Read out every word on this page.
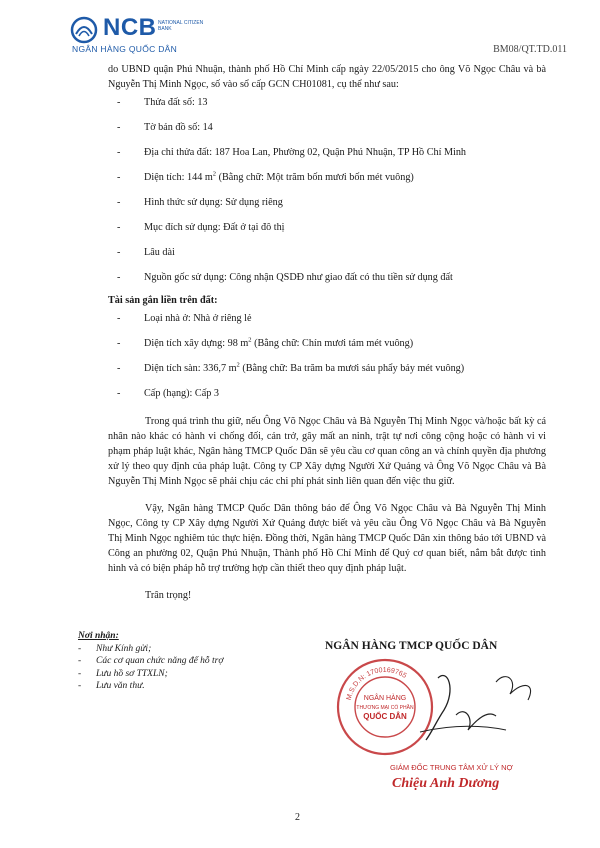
NCB NATIONAL CITIZEN BANK
NGÂN HÀNG QUỐC DÂN	BM08/QT.TD.011

do UBND quận Phú Nhuận, thành phố Hồ Chí Minh cấp ngày 22/05/2015 cho ông Võ Ngọc Châu và bà Nguyễn Thị Minh Ngọc, số vào sổ cấp GCN CH01081, cụ thể như sau:

- Thửa đất số: 13
- Tờ bản đồ số: 14
- Địa chỉ thửa đất: 187 Hoa Lan, Phường 02, Quận Phú Nhuận, TP Hồ Chí Minh
- Diện tích: 144 $m^2$ (Bằng chữ: Một trăm bốn mươi bốn mét vuông)
- Hình thức sử dụng: Sử dụng riêng
- Mục đích sử dụng: Đất ở tại đô thị
- Lâu dài
- Nguồn gốc sử dụng: Công nhận QSDĐ như giao đất có thu tiền sử dụng đất
Tài sản gắn liền trên đất:
- Loại nhà ở: Nhà ở riêng lẻ
- Diện tích xây dựng: 98 $m^2$ (Bằng chữ: Chín mươi tám mét vuông)
- Diện tích sàn: 336,7 $m^2$ (Bằng chữ: Ba trăm ba mươi sáu phẩy bảy mét vuông)
- Cấp (hạng): Cấp 3

Trong quá trình thu giữ, nếu Ông Võ Ngọc Châu và Bà Nguyễn Thị Minh Ngọc và/hoặc bất kỳ cá nhân nào khác có hành vi chống đối, cản trở, gây mất an ninh, trật tự nơi công cộng hoặc có hành vi vi phạm pháp luật khác, Ngân hàng TMCP Quốc Dân sẽ yêu cầu cơ quan công an và chính quyền địa phương xử lý theo quy định của pháp luật. Công ty CP Xây dựng Người Xứ Quảng và Ông Võ Ngọc Châu và Bà Nguyễn Thị Minh Ngọc sẽ phải chịu các chi phí phát sinh liên quan đến việc thu giữ.

Vậy, Ngân hàng TMCP Quốc Dân thông báo để Ông Võ Ngọc Châu và Bà Nguyễn Thị Minh Ngọc, Công ty CP Xây dựng Người Xứ Quảng được biết và yêu cầu Ông Võ Ngọc Châu và Bà Nguyễn Thị Minh Ngọc nghiêm túc thực hiện. Đồng thời, Ngân hàng TMCP Quốc Dân xin thông báo tới UBND và Công an phường 02, Quận Phú Nhuận, Thành phố Hồ Chí Minh để Quý cơ quan biết, nắm bắt được tình hình và có biện pháp hỗ trợ trường hợp cần thiết theo quy định pháp luật.

Trân trọng!

Nơi nhận:
- Như Kính gửi;
- Các cơ quan chức năng để hỗ trợ
- Lưu hồ sơ TTXLN;
- Lưu văn thư.
NGÂN HÀNG TMCP QUỐC DÂN
M.S.D.N: 1700169765
NGÂN HÀNG
THƯƠNG MẠI CỔ PHẦN
QUỐC DÂN
GIÁM ĐỐC TRUNG TÂM XỬ LÝ NỢ
Chiệu Anh Dương
2
